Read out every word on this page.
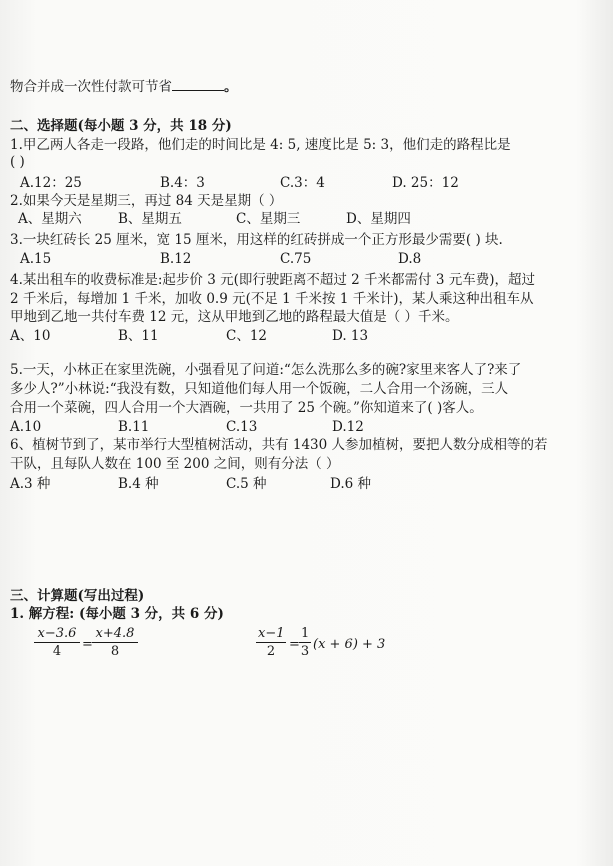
物合并成一次性付款可节省	。
二、选择题(每小题 3 分，共 18 分)
1.甲乙两人各走一段路，他们走的时间比是 4: 5, 速度比是 5: 3，他们走的路程比是
( )
A.12：25	B.4：3	C.3：4	D. 25：12
2.如果今天是星期三，再过 84 天是星期（ ）
A、星期六	B、星期五	C、星期三	D、星期四
3.一块红砖长 25 厘米，宽 15 厘米，用这样的红砖拼成一个正方形最少需要( ) 块.
A.15	B.12	C.75	D.8
4.某出租车的收费标准是:起步价 3 元(即行驶距离不超过 2 千米都需付 3 元车费)，超过
2 千米后，每增加 1 千米，加收 0.9 元(不足 1 千米按 1 千米计)，某人乘这种出租车从
甲地到乙地一共付车费 12 元，这从甲地到乙地的路程最大值是（ ）千米。
A、10	B、11	C、12	D. 13
5.一天，小林正在家里洗碗，小强看见了问道:“怎么洗那么多的碗?家里来客人了?来了
多少人?”小林说:“我没有数，只知道他们每人用一个饭碗，二人合用一个汤碗，三人
合用一个菜碗，四人合用一个大酒碗，一共用了 25 个碗。”你知道来了( )客人。
A.10	B.11	C.13	D.12
6、植树节到了，某市举行大型植树活动，共有 1430 人参加植树，要把人数分成相等的若
干队，且每队人数在 100 至 200 之间，则有分法（ ）
A.3 种	B.4 种	C.5 种	D.6 种
三、计算题(写出过程)
1. 解方程: (每小题 3 分，共 6 分)
x−3.6
4	=
x+4.8
8
x−1
2	=
1
3 (x + 6) + 3
